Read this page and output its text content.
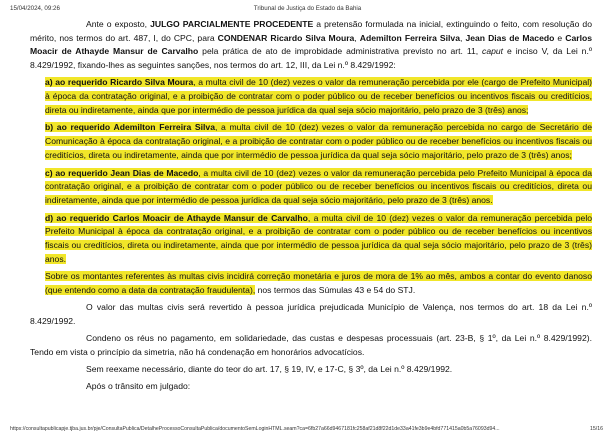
15/04/2024, 09:26	Tribunal de Justiça do Estado da Bahia

Ante o exposto, JULGO PARCIALMENTE PROCEDENTE a pretensão formulada na inicial, extinguindo o feito, com resolução do mérito, nos termos do art. 487, I, do CPC, para CONDENAR Ricardo Silva Moura, Ademilton Ferreira Silva, Jean Dias de Macedo e Carlos Moacir de Athayde Mansur de Carvalho pela prática de ato de improbidade administrativa previsto no art. 11, caput e inciso V, da Lei n.º 8.429/1992, fixando-lhes as seguintes sanções, nos termos do art. 12, III, da Lei n.º 8.429/1992:

a) ao requerido Ricardo Silva Moura, a multa civil de 10 (dez) vezes o valor da remuneração percebida por ele (cargo de Prefeito Municipal) à época da contratação original, e a proibição de contratar com o poder público ou de receber benefícios ou incentivos fiscais ou creditícios, direta ou indiretamente, ainda que por intermédio de pessoa jurídica da qual seja sócio majoritário, pelo prazo de 3 (três) anos;

b) ao requerido Ademilton Ferreira Silva, a multa civil de 10 (dez) vezes o valor da remuneração percebida no cargo de Secretário de Comunicação à época da contratação original, e a proibição de contratar com o poder público ou de receber benefícios ou incentivos fiscais ou creditícios, direta ou indiretamente, ainda que por intermédio de pessoa jurídica da qual seja sócio majoritário, pelo prazo de 3 (três) anos;

c) ao requerido Jean Dias de Macedo, a multa civil de 10 (dez) vezes o valor da remuneração percebida pelo Prefeito Municipal à época da contratação original, e a proibição de contratar com o poder público ou de receber benefícios ou incentivos fiscais ou creditícios, direta ou indiretamente, ainda que por intermédio de pessoa jurídica da qual seja sócio majoritário, pelo prazo de 3 (três) anos.

d) ao requerido Carlos Moacir de Athayde Mansur de Carvalho, a multa civil de 10 (dez) vezes o valor da remuneração percebida pelo Prefeito Municipal à época da contratação original, e a proibição de contratar com o poder público ou de receber benefícios ou incentivos fiscais ou creditícios, direta ou indiretamente, ainda que por intermédio de pessoa jurídica da qual seja sócio majoritário, pelo prazo de 3 (três) anos.

Sobre os montantes referentes às multas civis incidirá correção monetária e juros de mora de 1% ao mês, ambos a contar do evento danoso (que entendo como a data da contratação fraudulenta), nos termos das Súmulas 43 e 54 do STJ.

O valor das multas civis será revertido à pessoa jurídica prejudicada Município de Valença, nos termos do art. 18 da Lei n.º 8.429/1992.

Condeno os réus no pagamento, em solidariedade, das custas e despesas processuais (art. 23-B, § 1º, da Lei n.º 8.429/1992). Tendo em vista o princípio da simetria, não há condenação em honorários advocatícios.

Sem reexame necessário, diante do teor do art. 17, § 19, IV, e 17-C, § 3º, da Lei n.º 8.429/1992.

Após o trânsito em julgado:

https://consultapublicapje.tjba.jus.br/pje/ConsultaPublica/DetalheProcessoConsultaPublica/documentoSemLoginHTML.seam?ca=6fb27a66d9467181fc258af21d8f22d1de33a41fe3b9e4bfd771415a0b5a76093d94...	15/16
